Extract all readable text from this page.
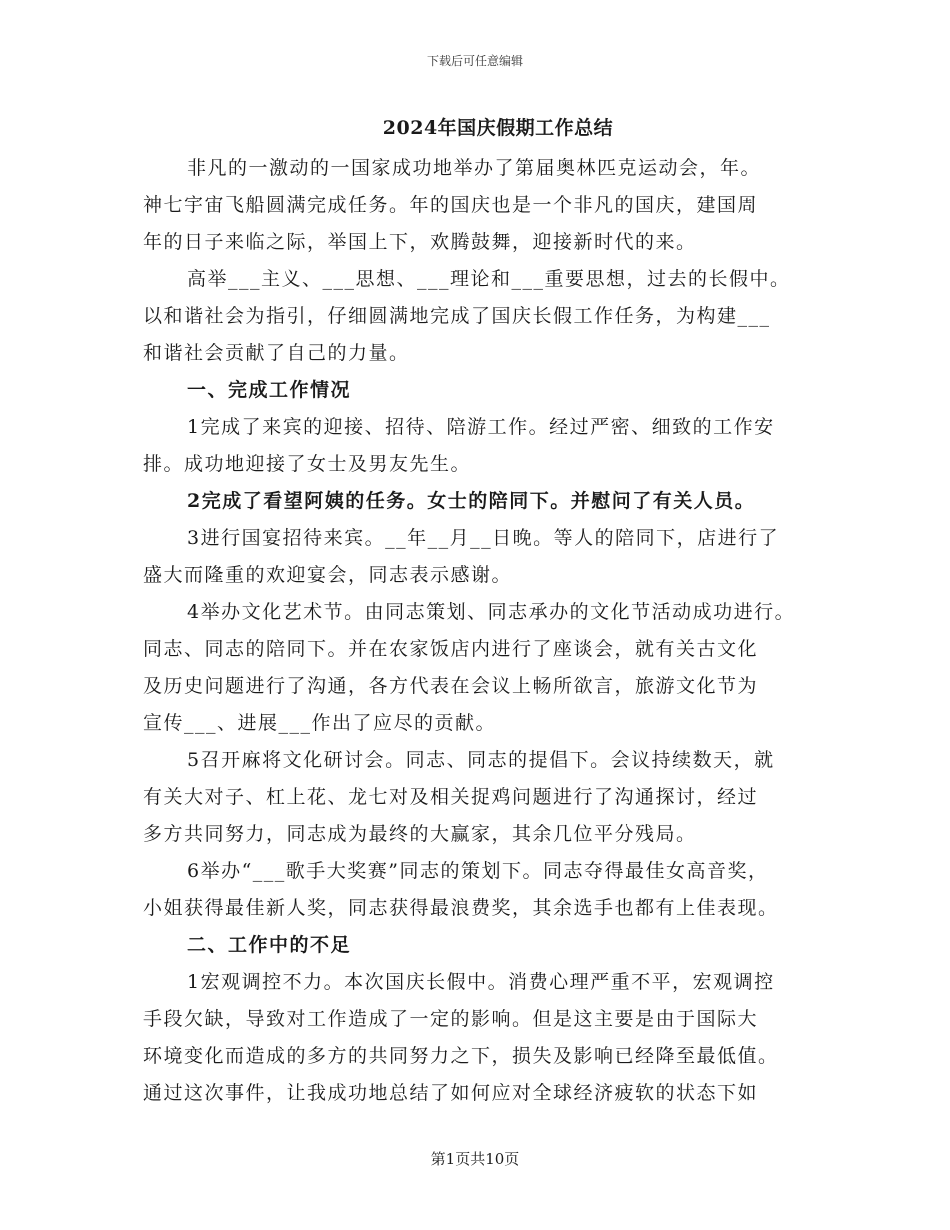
下载后可任意编辑
2024年国庆假期工作总结
非凡的一激动的一国家成功地举办了第届奥林匹克运动会，年。
神七宇宙飞船圆满完成任务。年的国庆也是一个非凡的国庆，建国周
年的日子来临之际，举国上下，欢腾鼓舞，迎接新时代的来。
高举___主义、___思想、___理论和___重要思想，过去的长假中。
以和谐社会为指引，仔细圆满地完成了国庆长假工作任务，为构建___
和谐社会贡献了自己的力量。
一、完成工作情况
1完成了来宾的迎接、招待、陪游工作。经过严密、细致的工作安
排。成功地迎接了女士及男友先生。
2完成了看望阿姨的任务。女士的陪同下。并慰问了有关人员。
3进行国宴招待来宾。__年__月__日晚。等人的陪同下，店进行了
盛大而隆重的欢迎宴会，同志表示感谢。
4举办文化艺术节。由同志策划、同志承办的文化节活动成功进行。
同志、同志的陪同下。并在农家饭店内进行了座谈会，就有关古文化
及历史问题进行了沟通，各方代表在会议上畅所欲言，旅游文化节为
宣传___、进展___作出了应尽的贡献。
5召开麻将文化研讨会。同志、同志的提倡下。会议持续数天，就
有关大对子、杠上花、龙七对及相关捉鸡问题进行了沟通探讨，经过
多方共同努力，同志成为最终的大赢家，其余几位平分残局。
6举办“___歌手大奖赛”同志的策划下。同志夺得最佳女高音奖，
小姐获得最佳新人奖，同志获得最浪费奖，其余选手也都有上佳表现。
二、工作中的不足
1宏观调控不力。本次国庆长假中。消费心理严重不平，宏观调控
手段欠缺，导致对工作造成了一定的影响。但是这主要是由于国际大
环境变化而造成的多方的共同努力之下，损失及影响已经降至最低值。
通过这次事件，让我成功地总结了如何应对全球经济疲软的状态下如
第1页共10页
